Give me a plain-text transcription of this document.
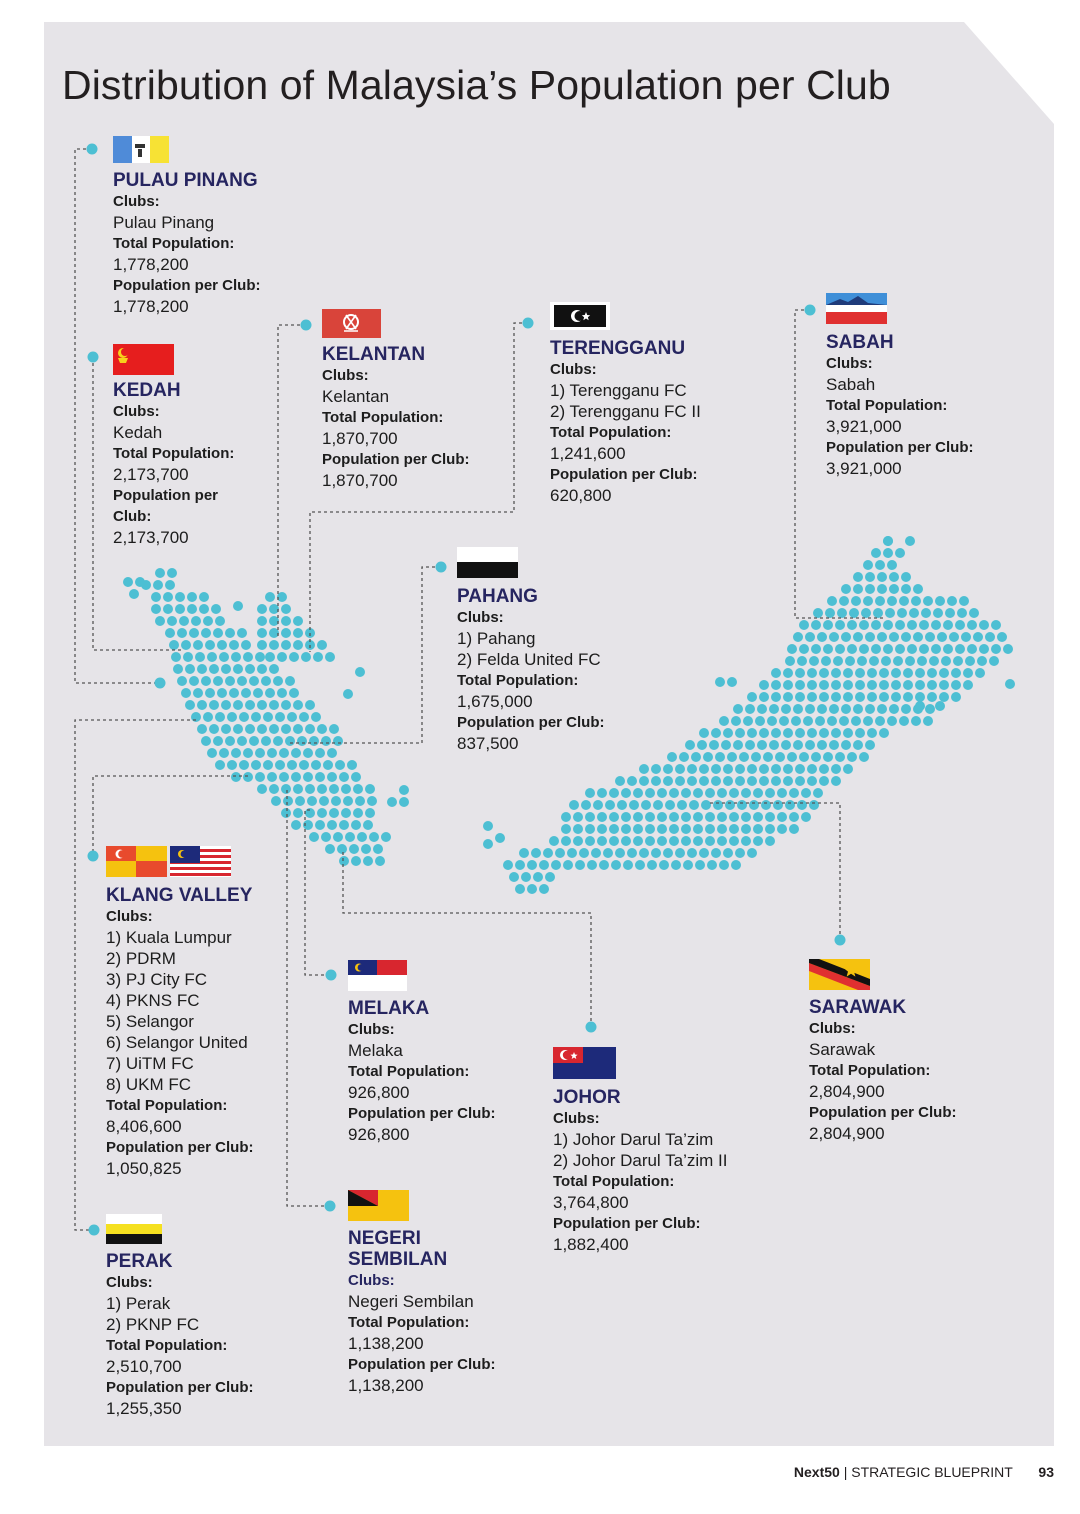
Distribution of Malaysia’s Population per Club
PULAU PINANG
Clubs:
Pulau Pinang
Total Population:
1,778,200
Population per Club:
1,778,200
KEDAH
Clubs:
Kedah
Total Population:
2,173,700
Population per
Club:
2,173,700
KELANTAN
Clubs:
Kelantan
Total Population:
1,870,700
Population per Club:
1,870,700
TERENGGANU
Clubs:
1) Terengganu FC
2) Terengganu FC II
Total Population:
1,241,600
Population per Club:
620,800
SABAH
Clubs:
Sabah
Total Population:
3,921,000
Population per Club:
3,921,000
PAHANG
Clubs:
1) Pahang
2) Felda United FC
Total Population:
1,675,000
Population per Club:
837,500
KLANG VALLEY
Clubs:
1) Kuala Lumpur
2) PDRM
3) PJ City FC
4) PKNS FC
5) Selangor
6) Selangor United
7) UiTM FC
8) UKM FC
Total Population:
8,406,600
Population per Club:
1,050,825
MELAKA
Clubs:
Melaka
Total Population:
926,800
Population per Club:
926,800
JOHOR
Clubs:
1) Johor Darul Ta’zim
2) Johor Darul Ta’zim II
Total Population:
3,764,800
Population per Club:
1,882,400
SARAWAK
Clubs:
Sarawak
Total Population:
2,804,900
Population per Club:
2,804,900
PERAK
Clubs:
1) Perak
2) PKNP FC
Total Population:
2,510,700
Population per Club:
1,255,350
NEGERI
SEMBILAN
Clubs:
Negeri Sembilan
Total Population:
1,138,200
Population per Club:
1,138,200
Next50 | STRATEGIC BLUEPRINT 93
